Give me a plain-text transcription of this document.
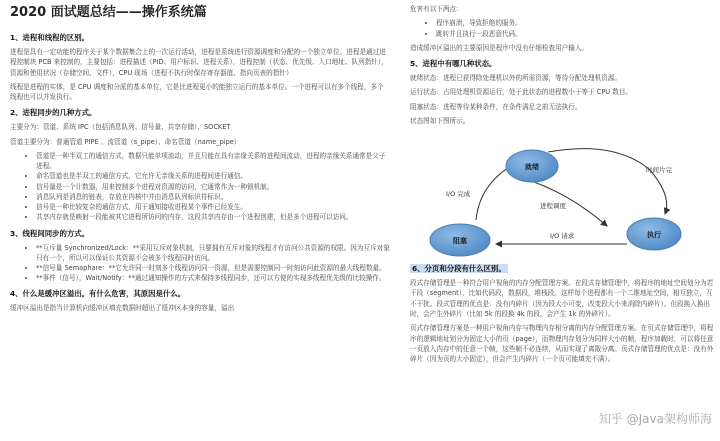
2020 面试题总结——操作系统篇
1、进程和线程的区别。
进程是具有一定功能的程序关于某个数据集合上的一次运行活动，进程是系统进行资源调度和分配的一个独立单位。进程是通过进程控制块 PCB 来控制的，主要包括：进程描述（PID、用户标识、进程关系），进程控制（状态、优先级、入口地址、队列指针），资源和使用状况（存储空间、文件），CPU 现场（进程不执行时保存寄存器值、指向页表的指针）
线程是进程的实体，是 CPU 调度和分派的基本单位，它是比进程更小的能独立运行的基本单位。一个进程可以有多个线程，多个线程也可以并发执行。
2、进程同步的几种方式。
主要分为：管道、系统 IPC（包括消息队列、信号量、共享存储）、SOCKET
管道主要分为：普通管道 PIPE 、流管道（s_pipe）、命名管道（name_pipe）
• 管道是一种半双工的通信方式，数据只能单项流动，并且只能在具有亲缘关系的进程间流动，进程的亲缘关系通常是父子进程。
• 命名管道也是半双工的通信方式，它允许无亲缘关系的进程间进行通信。
• 信号量是一个计数器，用来控制多个进程对资源的访问，它通常作为一种锁机制。
• 消息队列是消息的链表，存放在内核中并由消息队列标识符标识。
• 信号是一种比较复杂的通信方式，用于通知接收进程某个事件已经发生。
• 共享内存就是映射一段能被其它进程所访问的内存，这段共享内存由一个进程创建，但是多个进程可以访问。
3、线程间同步的方式。
• **互斥量 Synchronized/Lock：**采用互斥对象机制，只要拥有互斥对象的线程才有访问公共资源的权限。因为互斥对象只有一个，所以可以保证公共资源不会被多个线程同时访问。
• **信号量 Semaphare：**它允许同一时刻多个线程访问同一资源，但是需要控制同一时刻访问此资源的最大线程数量。
• **事件（信号），Wait/Notify：**通过通知操作的方式来保持多线程同步，还可以方便的实现多线程优先级的比较操作。
4、什么是缓冲区溢出。有什么危害，其原因是什么。
缓冲区溢出是指当计算机向缓冲区填充数据时超出了缓冲区本身的容量，溢出
危害有以下两点：
• 程序崩溃，导致拒绝的服务。
• 跳转并且执行一段恶意代码。
造成缓冲区溢出的主要原因是程序中没有仔细检查用户输入。
5、进程中有哪几种状态。
就绪状态：进程已获得除处理机以外的所需资源，等待分配处理机资源。
运行状态：占用处理机资源运行，处于此状态的进程数小于等于 CPU 数目。
阻塞状态：进程等待某种条件，在条件满足之前无法执行。
状态图如下图所示。
就绪
阻塞
执行
I/O 完成
进程调度
时间片完
I/O 请求
6、分页和分段有什么区别。
段式存储管理是一种符合用户视角的内存分配管理方案。在段式存储管理中，将程序的地址空间划分为若干段（segment），比如代码段，数据段，堆栈段。这样每个进程都有一个二维地址空间，相互独立，互不干扰。段式管理的优点是：没有内碎片（因为段大小可变，改变段大小来消除内碎片）。但段换入换出时，会产生外碎片（比如 5k 的段换 4k 的段，会产生 1k 的外碎片）。
页式存储管理方案是一种用户视角内存与物理内存相分离的内存分配管理方案。在页式存储管理中，将程序的逻辑地址划分为固定大小的页（page），而物理内存划分为同样大小的帧，程序加载时，可以将任意一页放入内存中的任意一个帧，这些帧不必连续，从而实现了离散分离。页式存储管理的优点是：没有外碎片（因为页的大小固定），但会产生内碎片（一个页可能填充不满）。
知乎 @Java架构师海
